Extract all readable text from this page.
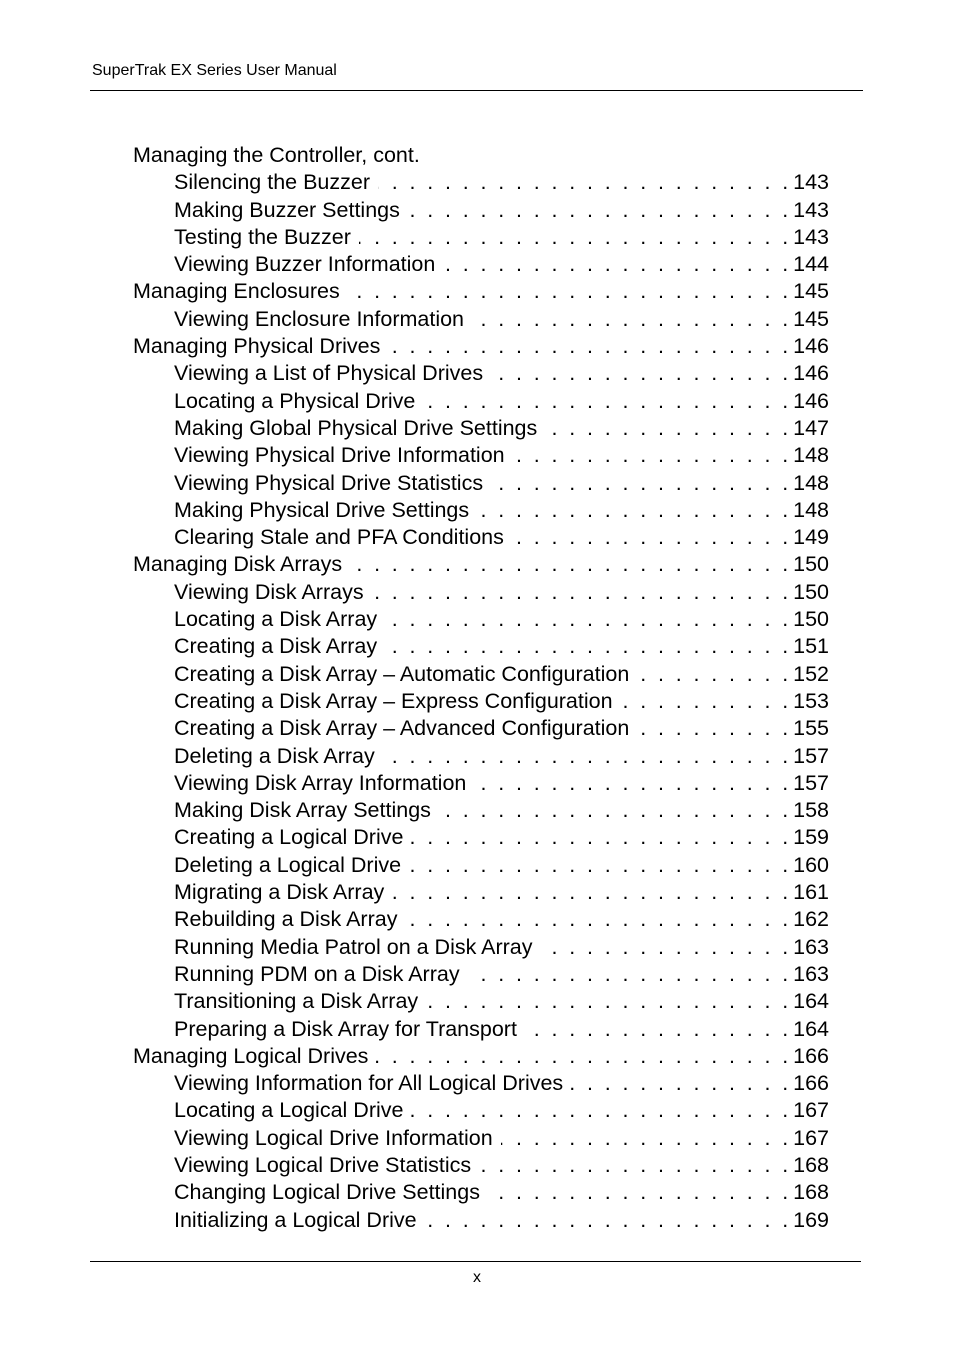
SuperTrak EX Series User Manual
Managing the Controller, cont.
Silencing the Buzzer . . .	143
Making Buzzer Settings . . .	143
Testing the Buzzer . . .	143
Viewing Buzzer Information . . .	144
Managing Enclosures . . .	145
Viewing Enclosure Information . . .	145
Managing Physical Drives . . .	146
Viewing a List of Physical Drives . . .	146
Locating a Physical Drive . . .	146
Making Global Physical Drive Settings . . .	147
Viewing Physical Drive Information . . .	148
Viewing Physical Drive Statistics . . .	148
Making Physical Drive Settings . . .	148
Clearing Stale and PFA Conditions . . .	149
Managing Disk Arrays . . .	150
Viewing Disk Arrays . . .	150
Locating a Disk Array . . .	150
Creating a Disk Array . . .	151
Creating a Disk Array – Automatic Configuration . . .	152
Creating a Disk Array – Express Configuration . . .	153
Creating a Disk Array – Advanced Configuration . . .	155
Deleting a Disk Array . . .	157
Viewing Disk Array Information . . .	157
Making Disk Array Settings . . .	158
Creating a Logical Drive . . .	159
Deleting a Logical Drive . . .	160
Migrating a Disk Array . . .	161
Rebuilding a Disk Array . . .	162
Running Media Patrol on a Disk Array . . .	163
Running PDM on a Disk Array . . .	163
Transitioning a Disk Array . . .	164
Preparing a Disk Array for Transport . . .	164
Managing Logical Drives . . .	166
Viewing Information for All Logical Drives . . .	166
Locating a Logical Drive . . .	167
Viewing Logical Drive Information . . .	167
Viewing Logical Drive Statistics . . .	168
Changing Logical Drive Settings . . .	168
Initializing a Logical Drive . . .	169
x
